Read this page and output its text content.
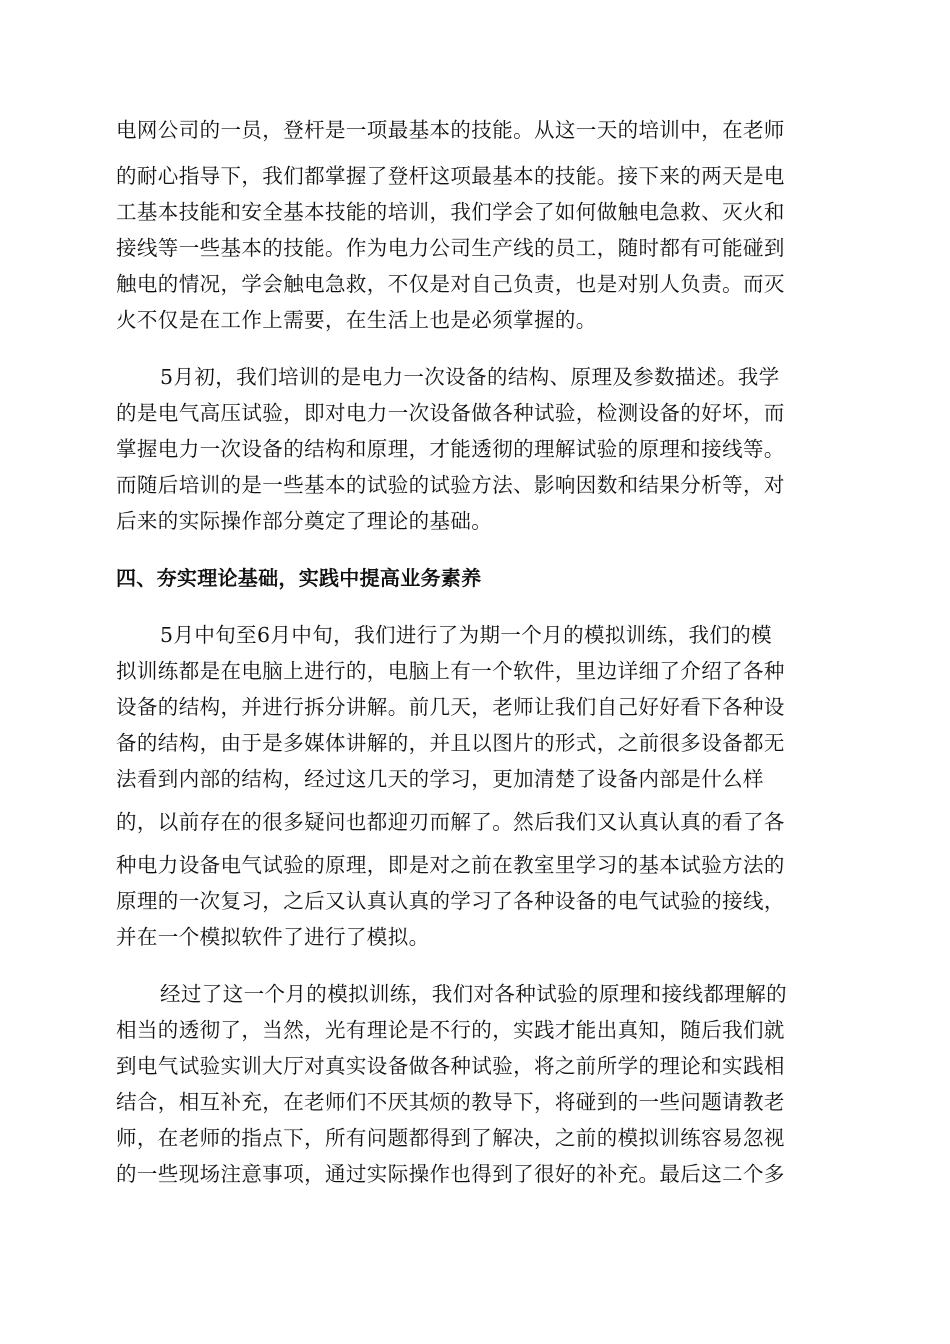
电网公司的一员，登杆是一项最基本的技能。从这一天的培训中，在老师
的耐心指导下，我们都掌握了登杆这项最基本的技能。接下来的两天是电
工基本技能和安全基本技能的培训，我们学会了如何做触电急救、灭火和
接线等一些基本的技能。作为电力公司生产线的员工，随时都有可能碰到
触电的情况，学会触电急救，不仅是对自己负责，也是对别人负责。而灭
火不仅是在工作上需要，在生活上也是必须掌握的。
5月初，我们培训的是电力一次设备的结构、原理及参数描述。我学
的是电气高压试验，即对电力一次设备做各种试验，检测设备的好坏，而
掌握电力一次设备的结构和原理，才能透彻的理解试验的原理和接线等。
而随后培训的是一些基本的试验的试验方法、影响因数和结果分析等，对
后来的实际操作部分奠定了理论的基础。
四、夯实理论基础，实践中提高业务素养
5月中旬至6月中旬，我们进行了为期一个月的模拟训练，我们的模
拟训练都是在电脑上进行的，电脑上有一个软件，里边详细了介绍了各种
设备的结构，并进行拆分讲解。前几天，老师让我们自己好好看下各种设
备的结构，由于是多媒体讲解的，并且以图片的形式，之前很多设备都无
法看到内部的结构，经过这几天的学习，更加清楚了设备内部是什么样
的，以前存在的很多疑问也都迎刃而解了。然后我们又认真认真的看了各
种电力设备电气试验的原理，即是对之前在教室里学习的基本试验方法的
原理的一次复习，之后又认真认真的学习了各种设备的电气试验的接线，
并在一个模拟软件了进行了模拟。
经过了这一个月的模拟训练，我们对各种试验的原理和接线都理解的
相当的透彻了，当然，光有理论是不行的，实践才能出真知，随后我们就
到电气试验实训大厅对真实设备做各种试验，将之前所学的理论和实践相
结合，相互补充，在老师们不厌其烦的教导下，将碰到的一些问题请教老
师，在老师的指点下，所有问题都得到了解决，之前的模拟训练容易忽视
的一些现场注意事项，通过实际操作也得到了很好的补充。最后这二个多
